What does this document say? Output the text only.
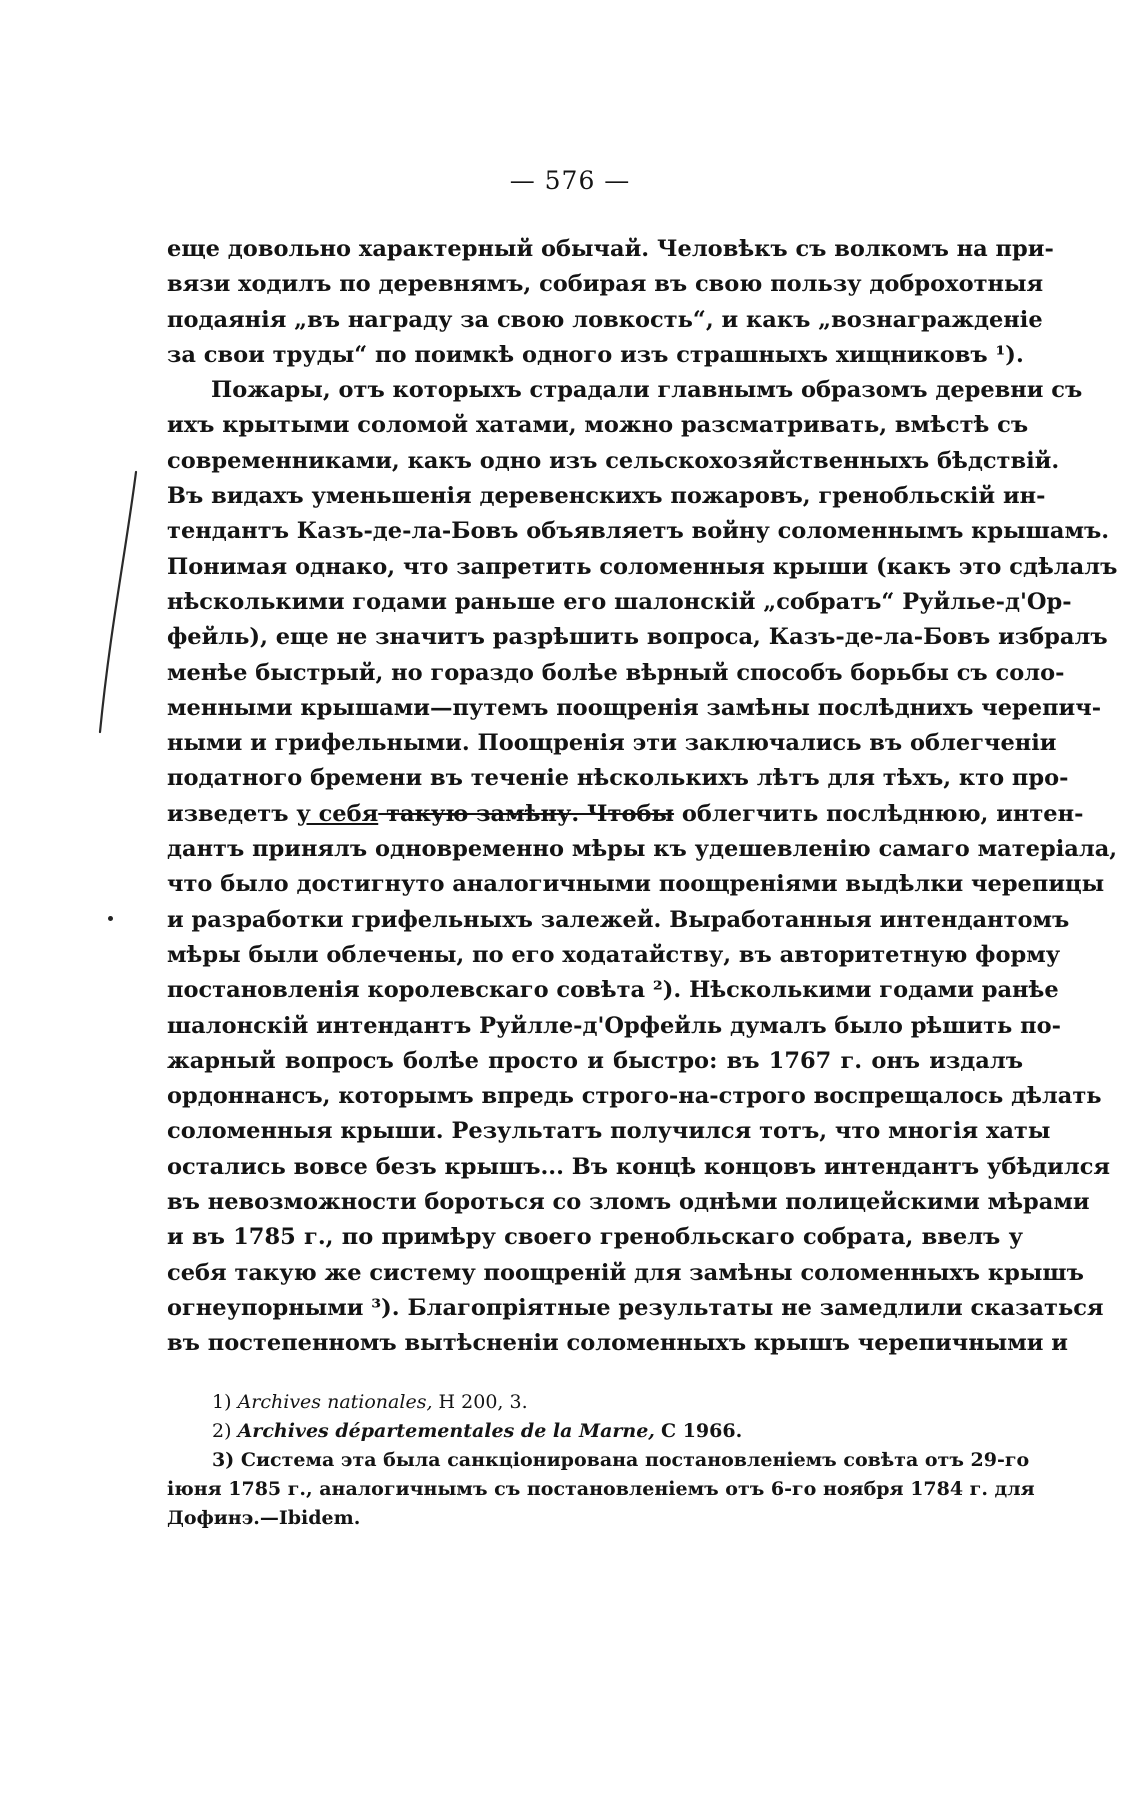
— 576 —
еще довольно характерный обычай. Человѣкъ съ волкомъ на при-
вязи ходилъ по деревнямъ, собирая въ свою пользу доброхотныя
подаянія „въ награду за свою ловкость“, и какъ „вознагражденіе
за свои труды“ по поимкѣ одного изъ страшныхъ хищниковъ ¹).
Пожары, отъ которыхъ страдали главнымъ образомъ деревни съ
ихъ крытыми соломой хатами, можно разсматривать, вмѣстѣ съ
современниками, какъ одно изъ сельскохозяйственныхъ бѣдствій.
Въ видахъ уменьшенія деревенскихъ пожаровъ, гренобльскій ин-
тендантъ Казъ-де-ла-Бовъ объявляетъ войну соломеннымъ крышамъ.
Понимая однако, что запретить соломенныя крыши (какъ это сдѣлалъ
нѣсколькими годами раньше его шалонскій „собратъ“ Руйлье-д'Ор-
фейль), еще не значитъ разрѣшить вопроса, Казъ-де-ла-Бовъ избралъ
менѣе быстрый, но гораздо болѣе вѣрный способъ борьбы съ соло-
менными крышами—путемъ поощренія замѣны послѣднихъ черепич-
ными и грифельными. Поощренія эти заключались въ облегченіи
податного бремени въ теченіе нѣсколькихъ лѣтъ для тѣхъ, кто про-
изведетъ у себя такую замѣну. Чтобы облегчить послѣднюю, интен-
дантъ принялъ одновременно мѣры къ удешевленію самаго матеріала,
что было достигнуто аналогичными поощреніями выдѣлки черепицы
и разработки грифельныхъ залежей. Выработанныя интендантомъ
мѣры были облечены, по его ходатайству, въ авторитетную форму
постановленія королевскаго совѣта ²). Нѣсколькими годами ранѣе
шалонскій интендантъ Руйлле-д'Орфейль думалъ было рѣшить по-
жарный вопросъ болѣе просто и быстро: въ 1767 г. онъ издалъ
ордоннансъ, которымъ впредь строго-на-строго воспрещалось дѣлать
соломенныя крыши. Результатъ получился тотъ, что многія хаты
остались вовсе безъ крышъ... Въ концѣ концовъ интендантъ убѣдился
въ невозможности бороться со зломъ однѣми полицейскими мѣрами
и въ 1785 г., по примѣру своего гренобльскаго собрата, ввелъ у
себя такую же систему поощреній для замѣны соломенныхъ крышъ
огнеупорными ³). Благопріятные результаты не замедлили сказаться
въ постепенномъ вытѣсненіи соломенныхъ крышъ черепичными и
1) Archives nationales, H 200, 3.
2) Archives départementales de la Marne, C 1966.
3) Система эта была санкціонирована постановленіемъ совѣта отъ 29-го
іюня 1785 г., аналогичнымъ съ постановленіемъ отъ 6-го ноября 1784 г. для
Дофинэ.—Ibidem.
